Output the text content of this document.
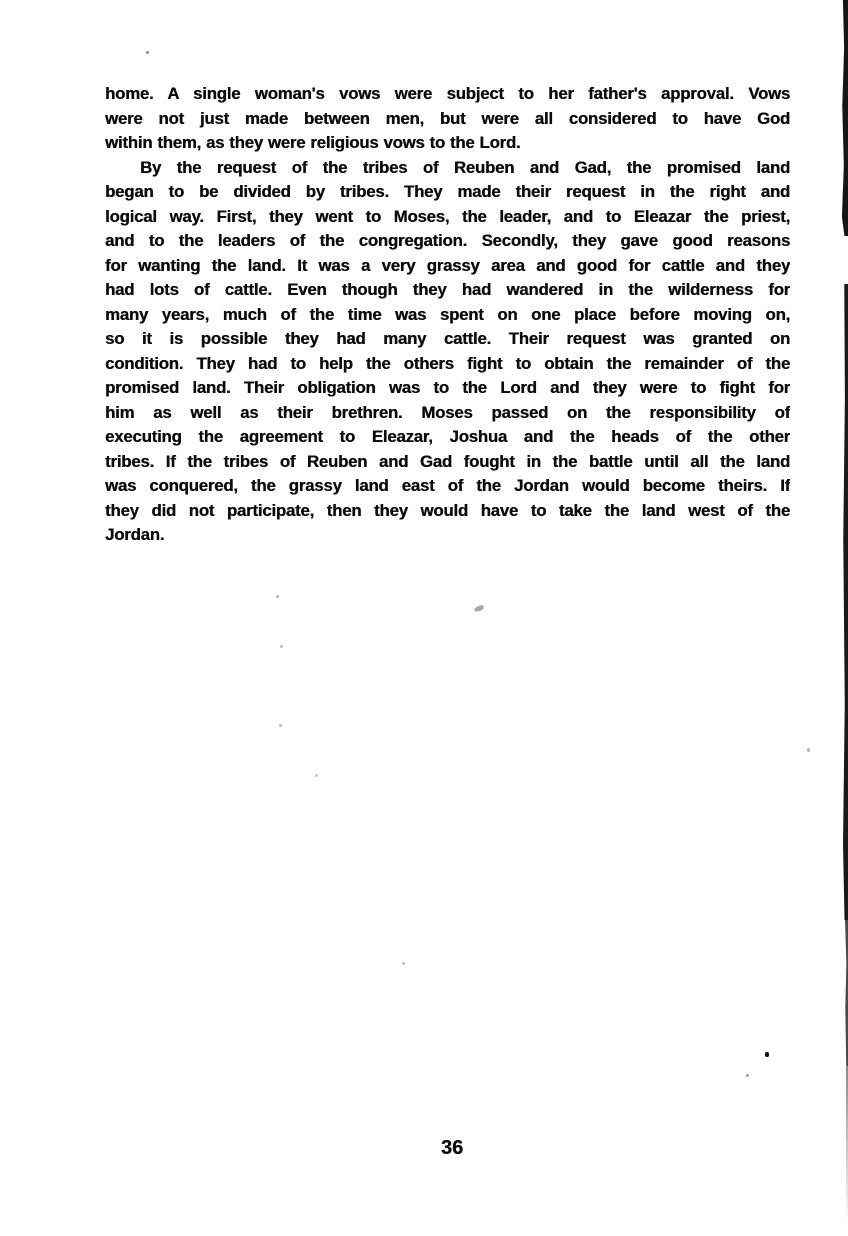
home. A single woman's vows were subject to her father's approval. Vows
were not just made between men, but were all considered to have God
within them, as they were religious vows to the Lord.
By the request of the tribes of Reuben and Gad, the promised land
began to be divided by tribes. They made their request in the right and
logical way. First, they went to Moses, the leader, and to Eleazar the priest,
and to the leaders of the congregation. Secondly, they gave good reasons
for wanting the land. It was a very grassy area and good for cattle and they
had lots of cattle. Even though they had wandered in the wilderness for
many years, much of the time was spent on one place before moving on,
so it is possible they had many cattle. Their request was granted on
condition. They had to help the others fight to obtain the remainder of the
promised land. Their obligation was to the Lord and they were to fight for
him as well as their brethren. Moses passed on the responsibility of
executing the agreement to Eleazar, Joshua and the heads of the other
tribes. If the tribes of Reuben and Gad fought in the battle until all the land
was conquered, the grassy land east of the Jordan would become theirs. If
they did not participate, then they would have to take the land west of the
Jordan.
36
